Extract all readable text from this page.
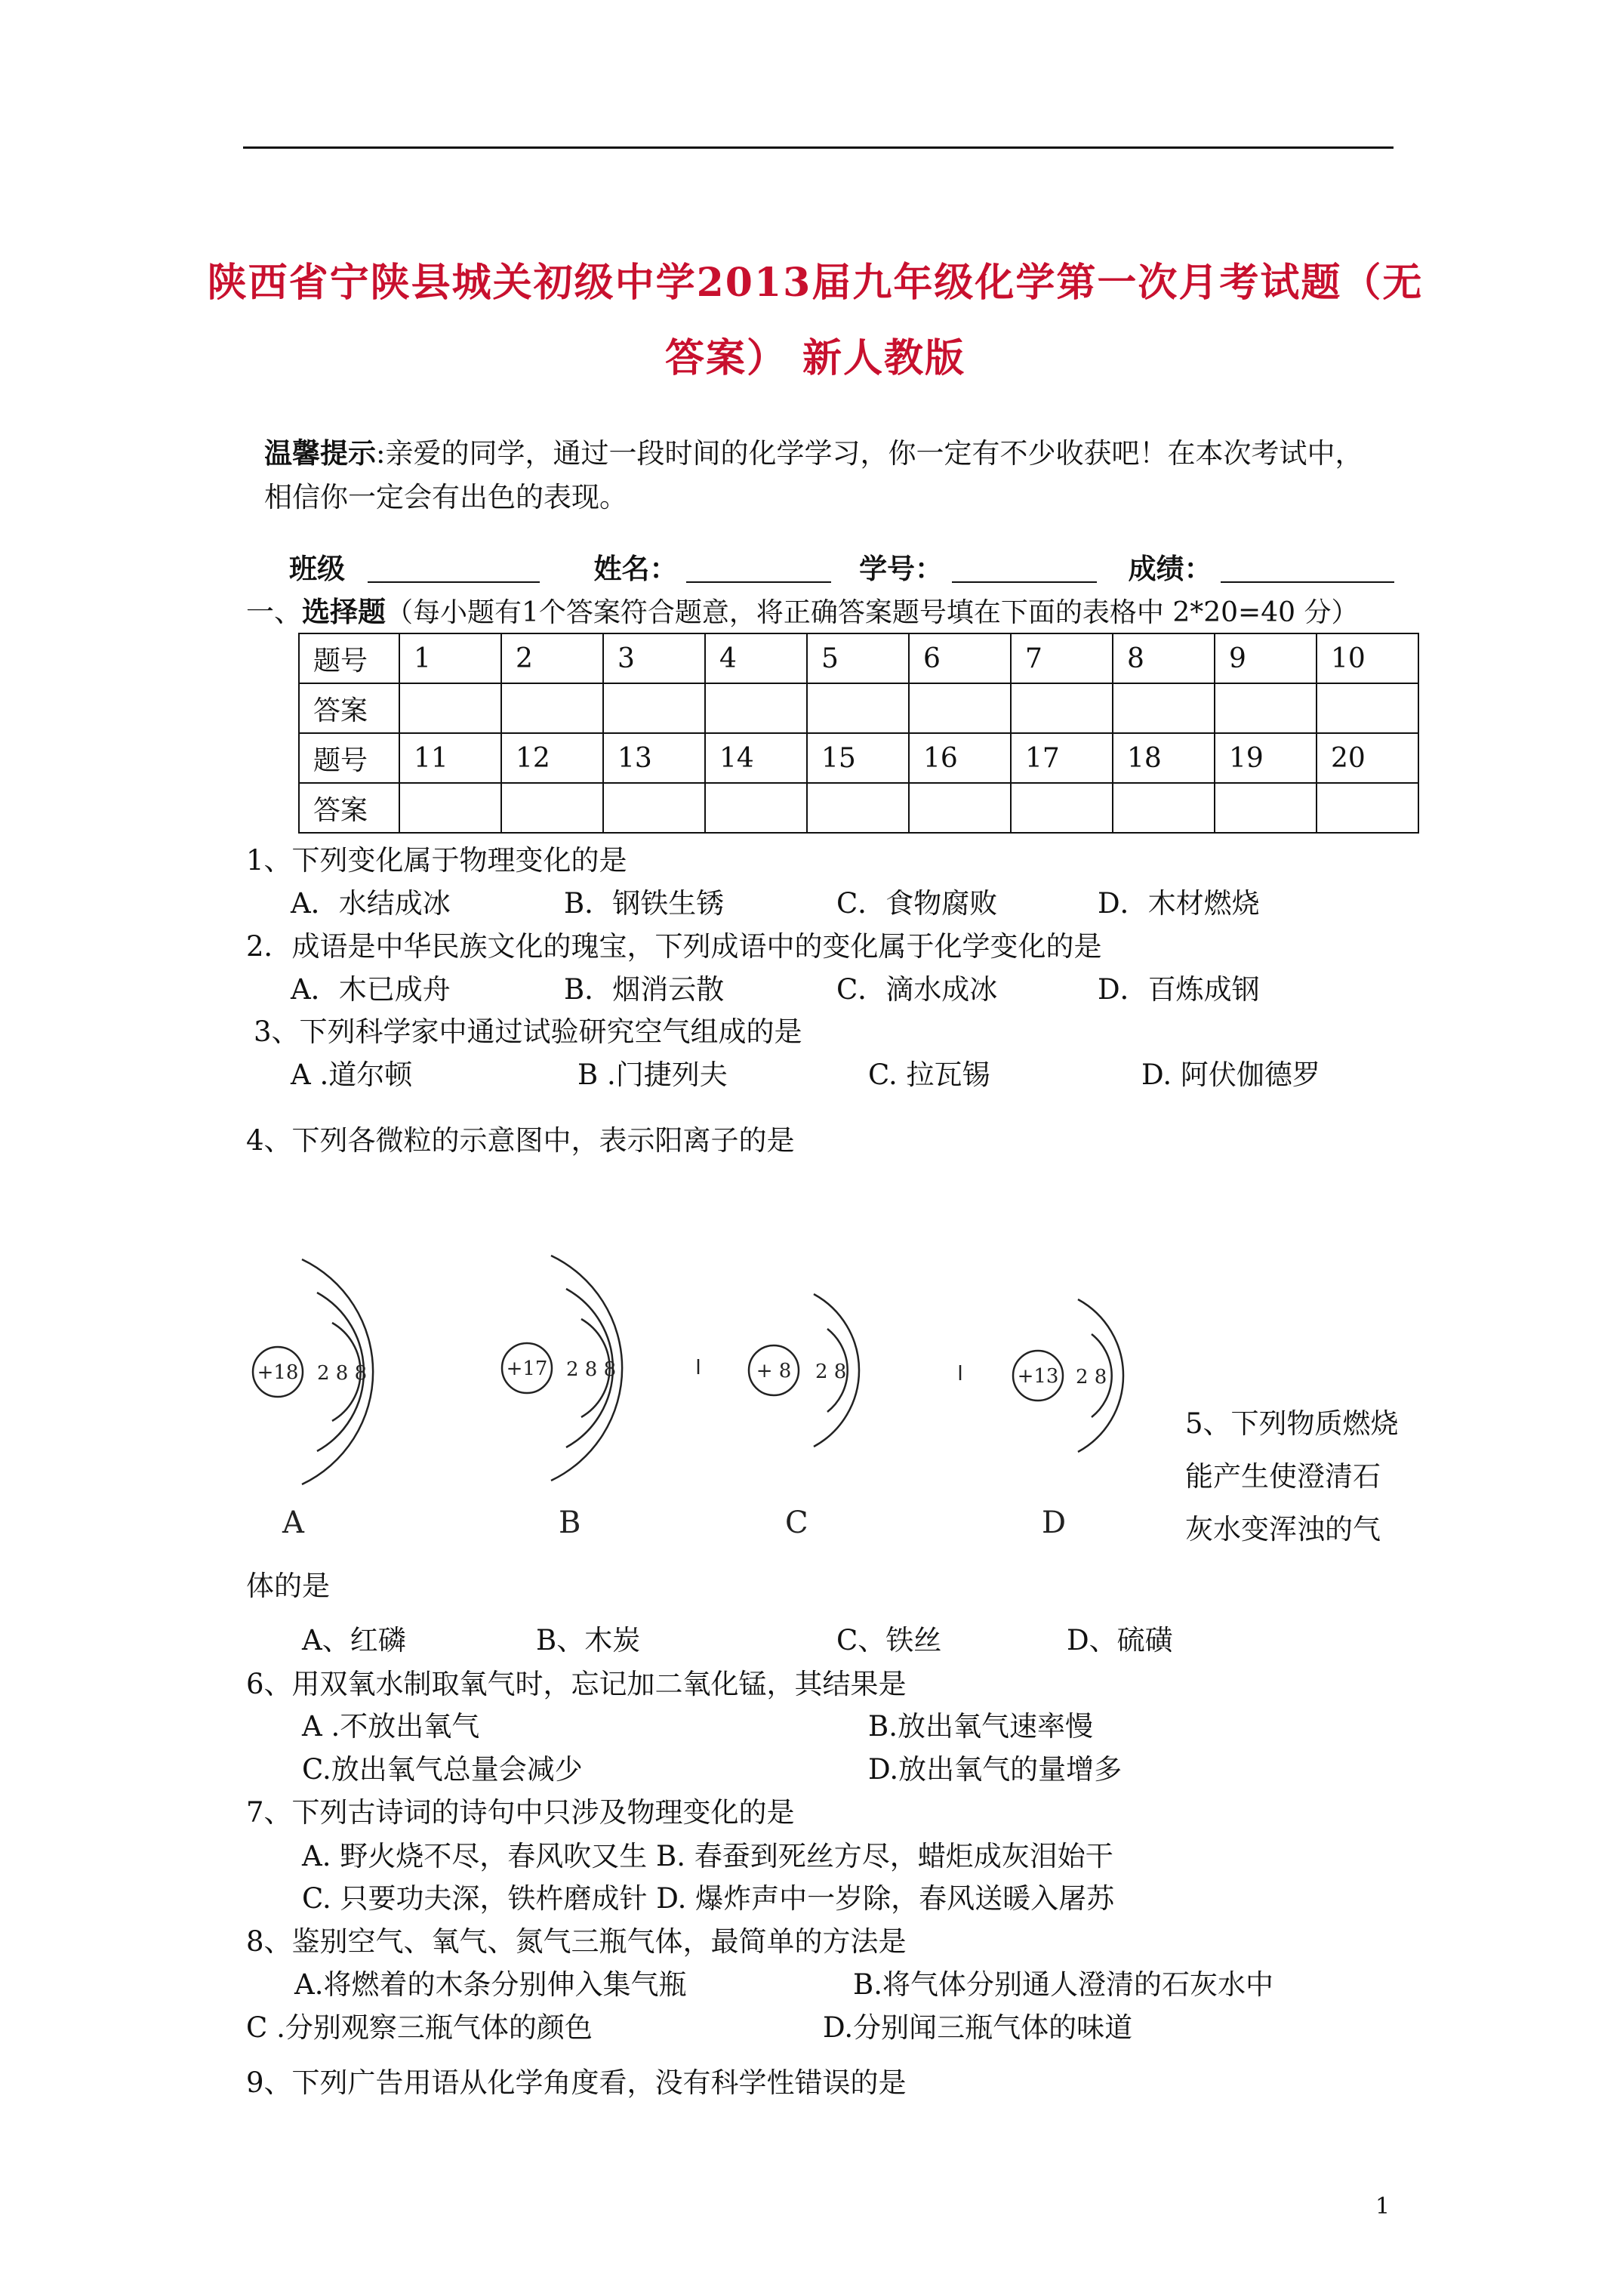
陕西省宁陕县城关初级中学2013届九年级化学第一次月考试题（无
答案） 新人教版
温馨提示:亲爱的同学，通过一段时间的化学学习，你一定有不少收获吧！在本次考试中，
相信你一定会有出色的表现。
班级	姓名：	学号：	成绩：
一、选择题（每小题有1个答案符合题意，将正确答案题号填在下面的表格中 2*20=40 分）
题号	1	2	3	4	5	6	7	8	9	10
答案										
题号	11	12	13	14	15	16	17	18	19	20
答案										
1、下列变化属于物理变化的是
A．水结成冰	B．钢铁生锈	C．食物腐败	D．木材燃烧
2．成语是中华民族文化的瑰宝，下列成语中的变化属于化学变化的是
A．木已成舟	B．烟消云散	C．滴水成冰	D．百炼成钢
3、下列科学家中通过试验研究空气组成的是
A .道尔顿	B .门捷列夫	C. 拉瓦锡	D. 阿伏伽德罗
4、下列各微粒的示意图中，表示阳离子的是
+18 2 8 8	+17 2 8 8	+ 8 2 8	+13 2 8
A	B	C	D
5、下列物质燃烧
能产生使澄清石
灰水变浑浊的气
体的是
A、红磷	B、木炭	C、铁丝	D、硫磺
6、用双氧水制取氧气时，忘记加二氧化锰，其结果是
A .不放出氧气	B.放出氧气速率慢
C.放出氧气总量会减少	D.放出氧气的量增多
7、下列古诗词的诗句中只涉及物理变化的是
A. 野火烧不尽，春风吹又生 B. 春蚕到死丝方尽，蜡炬成灰泪始干
C. 只要功夫深，铁杵磨成针 D. 爆炸声中一岁除，春风送暖入屠苏
8、鉴别空气、氧气、氮气三瓶气体，最简单的方法是
A.将燃着的木条分别伸入集气瓶	B.将气体分别通人澄清的石灰水中
C .分别观察三瓶气体的颜色	D.分别闻三瓶气体的味道
9、下列广告用语从化学角度看，没有科学性错误的是
1
